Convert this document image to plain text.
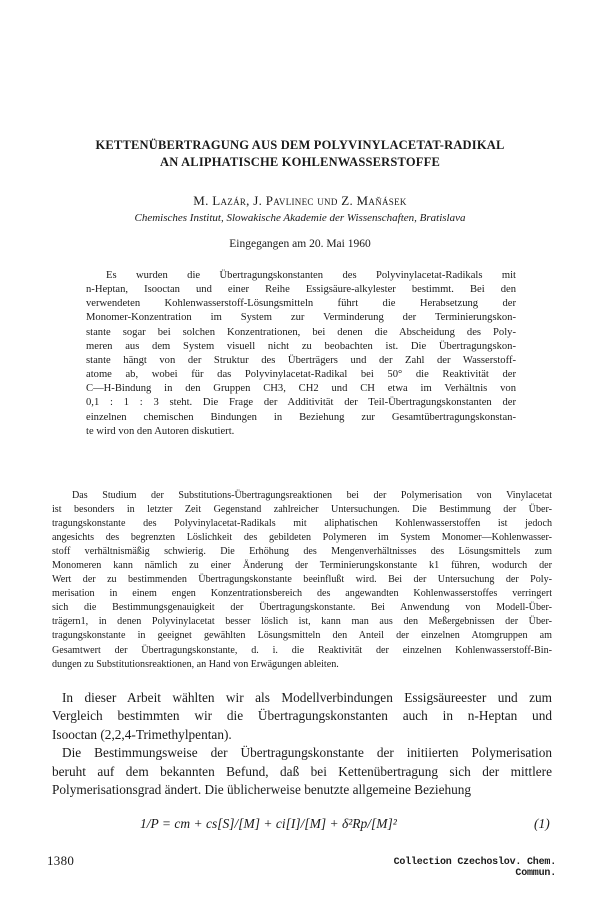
KETTENÜBERTRAGUNG AUS DEM POLYVINYLACETAT-RADIKAL
AN ALIPHATISCHE KOHLENWASSERSTOFFE
M. Lazár, J. Pavlinec und Z. Maňásek
Chemisches Institut, Slowakische Akademie der Wissenschaften, Bratislava
Eingegangen am 20. Mai 1960
Es wurden die Übertragungskonstanten des Polyvinylacetat-Radikals mit
n-Heptan, Isooctan und einer Reihe Essigsäure-alkylester bestimmt. Bei den
verwendeten Kohlenwasserstoff-Lösungsmitteln führt die Herabsetzung der
Monomer-Konzentration im System zur Verminderung der Terminierungskon-
stante sogar bei solchen Konzentrationen, bei denen die Abscheidung des Poly-
meren aus dem System visuell nicht zu beobachten ist. Die Übertragungskon-
stante hängt von der Struktur des Überträgers und der Zahl der Wasserstoff-
atome ab, wobei für das Polyvinylacetat-Radikal bei 50° die Reaktivität der
C—H-Bindung in den Gruppen CH3, CH2 und CH etwa im Verhältnis von
0,1 : 1 : 3 steht. Die Frage der Additivität der Teil-Übertragungskonstanten der
einzelnen chemischen Bindungen in Beziehung zur Gesamtübertragungskonstan-
te wird von den Autoren diskutiert.
Das Studium der Substitutions-Übertragungsreaktionen bei der Polymerisation von Vinylacetat
ist besonders in letzter Zeit Gegenstand zahlreicher Untersuchungen. Die Bestimmung der Über-
tragungskonstante des Polyvinylacetat-Radikals mit aliphatischen Kohlenwasserstoffen ist jedoch
angesichts des begrenzten Löslichkeit des gebildeten Polymeren im System Monomer—Kohlenwasser-
stoff verhältnismäßig schwierig. Die Erhöhung des Mengenverhältnisses des Lösungsmittels zum
Monomeren kann nämlich zu einer Änderung der Terminierungskonstante k1 führen, wodurch der
Wert der zu bestimmenden Übertragungskonstante beeinflußt wird. Bei der Untersuchung der Poly-
merisation in einem engen Konzentrationsbereich des angewandten Kohlenwasserstoffes verringert
sich die Bestimmungsgenauigkeit der Übertragungskonstante. Bei Anwendung von Modell-Über-
trägern1, in denen Polyvinylacetat besser löslich ist, kann man aus den Meßergebnissen der Über-
tragungskonstante in geeignet gewählten Lösungsmitteln den Anteil der einzelnen Atomgruppen am
Gesamtwert der Übertragungskonstante, d. i. die Reaktivität der einzelnen Kohlenwasserstoff-Bin-
dungen zu Substitutionsreaktionen, an Hand von Erwägungen ableiten.
In dieser Arbeit wählten wir als Modellverbindungen Essigsäureester und zum
Vergleich bestimmten wir die Übertragungskonstanten auch in n-Heptan und
Isooctan (2,2,4-Trimethylpentan).
Die Bestimmungsweise der Übertragungskonstante der initiierten Polymerisation
beruht auf dem bekannten Befund, daß bei Kettenübertragung sich der mittlere
Polymerisationsgrad ändert. Die üblicherweise benutzte allgemeine Beziehung
1/P = cm + cs[S]/[M] + ci[I]/[M] + δ²Rp/[M]²	(1)
1380	Collection Czechoslov. Chem. Commun.
